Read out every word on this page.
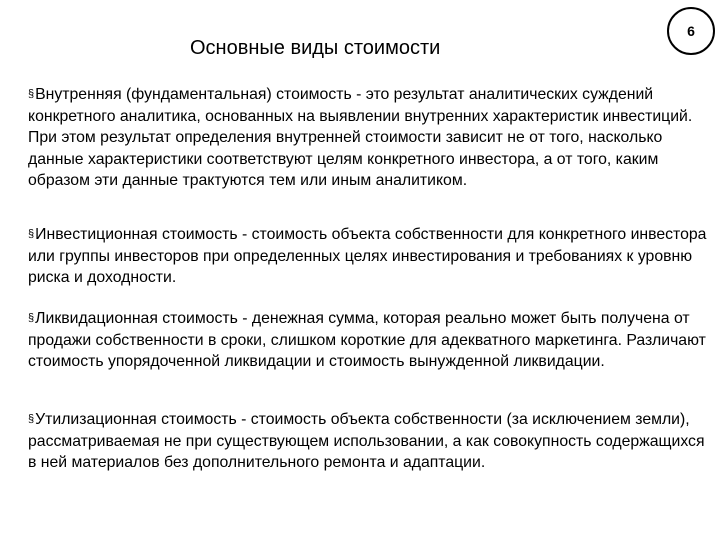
Основные виды стоимости
6

§Внутренняя (фундаментальная) стоимость - это результат аналитических суждений конкретного аналитика, основанных на выявлении внутренних характеристик инвестиций. При этом результат определения внутренней стоимости зависит не от того, насколько данные характеристики соответствуют целям конкретного инвестора, а от того, каким образом эти данные трактуются тем или иным аналитиком.

§Инвестиционная стоимость - стоимость объекта собственности для конкретного инвестора или группы инвесторов при определенных целях инвестирования и требованиях к уровню риска и доходности.

§Ликвидационная стоимость - денежная сумма, которая реально может быть получена от продажи собственности в сроки, слишком короткие для адекватного маркетинга. Различают стоимость упорядоченной ликвидации и стоимость вынужденной ликвидации.

§Утилизационная стоимость - стоимость объекта собственности (за исключением земли), рассматриваемая не при существующем использовании, а как совокупность содержащихся в ней материалов без дополнительного ремонта и адаптации.
